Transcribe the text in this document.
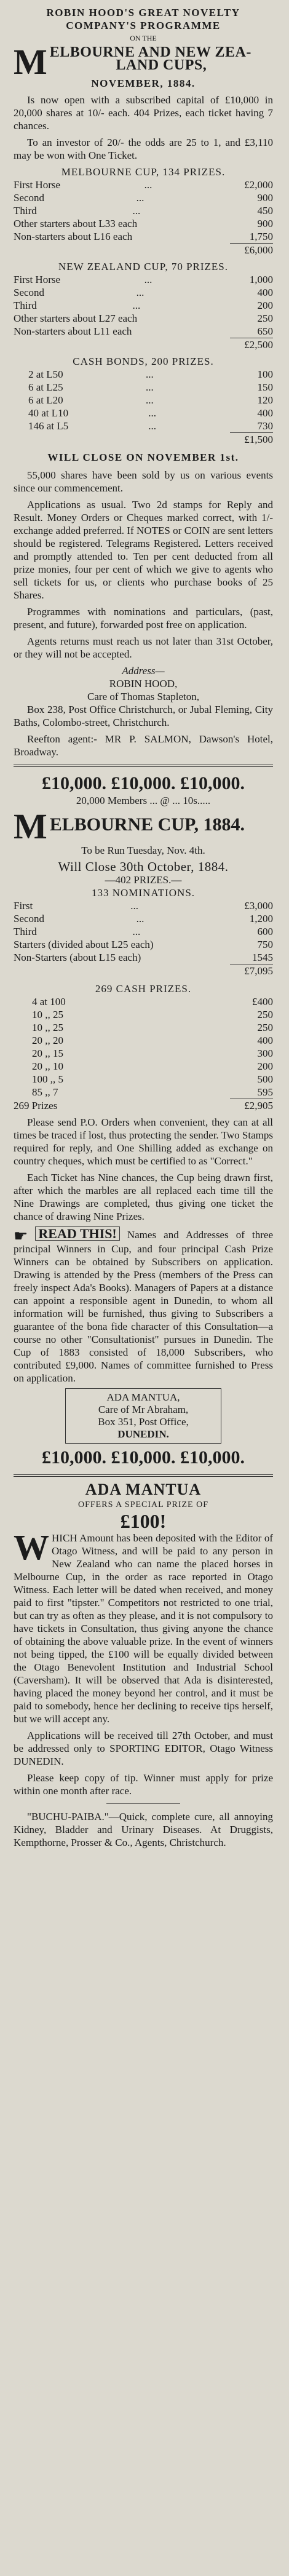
ROBIN HOOD'S GREAT NOVELTY
COMPANY'S PROGRAMME
ON THE
M ELBOURNE AND NEW ZEA-
LAND CUPS,
NOVEMBER, 1884.
Is now open with a subscribed capital of £10,000 in 20,000 shares at 10/- each. 404 Prizes, each ticket having 7 chances.
To an investor of 20/- the odds are 25 to 1, and £3,110 may be won with One Ticket.
MELBOURNE CUP, 134 PRIZES.
First Horse	...	£2,000
Second	...	900
Third	...	450
Other starters about L33 each	900
Non-starters about L16 each	1,750
£6,000
NEW ZEALAND CUP, 70 PRIZES.
First Horse	...	1,000
Second	...	400
Third	...	200
Other starters about L27 each	250
Non-starters about L11 each	650
£2,500
CASH BONDS, 200 PRIZES.
2 at L50	...	100
6 at L25	...	150
6 at L20	...	120
40 at L10	...	400
146 at L5	...	730
£1,500
WILL CLOSE ON NOVEMBER 1st.
55,000 shares have been sold by us on various events since our commencement.
Applications as usual. Two 2d stamps for Reply and Result. Money Orders or Cheques marked correct, with 1/- exchange added preferred. If NOTES or COIN are sent letters should be registered. Telegrams Registered. Letters received and promptly attended to. Ten per cent deducted from all prize monies, four per cent of which we give to agents who sell tickets for us, or clients who purchase books of 25 Shares.
Programmes with nominations and particulars, (past, present, and future), forwarded post free on application.
Agents returns must reach us not later than 31st October, or they will not be accepted.
Address—
ROBIN HOOD,
Care of Thomas Stapleton,
Box 238, Post Office Christchurch, or Jubal Fleming, City Baths, Colombo-street, Christchurch.
Reefton agent:- MR P. SALMON, Dawson's Hotel, Broadway.
£10,000. £10,000. £10,000.
20,000 Members ... @ ... 10s.....
M ELBOURNE CUP, 1884.
To be Run Tuesday, Nov. 4th.
Will Close 30th October, 1884.
—402 PRIZES.—
133 NOMINATIONS.
First	...	£3,000
Second	...	1,200
Third	...	600
Starters (divided about L25 each)	750
Non-Starters (about L15 each)	1545
£7,095
269 CASH PRIZES.
4 at 100	£400
10 ,, 25	250
10 ,, 25	250
20 ,, 20	400
20 ,, 15	300
20 ,, 10	200
100 ,, 5	500
85 ,, 7	595
269 Prizes	£2,905
Please send P.O. Orders when convenient, they can at all times be traced if lost, thus protecting the sender. Two Stamps required for reply, and One Shilling added as exchange on country cheques, which must be certified to as "Correct."
Each Ticket has Nine chances, the Cup being drawn first, after which the marbles are all replaced each time till the Nine Drawings are completed, thus giving one ticket the chance of drawing Nine Prizes.
☛ READ THIS! Names and Addresses of three principal Winners in Cup, and four principal Cash Prize Winners can be obtained by Subscribers on application. Drawing is attended by the Press (members of the Press can freely inspect Ada's Books). Managers of Papers at a distance can appoint a responsible agent in Dunedin, to whom all information will be furnished, thus giving to Subscribers a guarantee of the bona fide character of this Consultation—a course no other "Consultationist" pursues in Dunedin. The Cup of 1883 consisted of 18,000 Subscribers, who contributed £9,000. Names of committee furnished to Press on application.
ADA MANTUA,
Care of Mr Abraham,
Box 351, Post Office,
DUNEDIN.
£10,000. £10,000. £10,000.
ADA MANTUA
OFFERS A SPECIAL PRIZE OF
£100!
W HICH Amount has been deposited with the Editor of Otago Witness, and will be paid to any person in New Zealand who can name the placed horses in Melbourne Cup, in the order as race reported in Otago Witness. Each letter will be dated when received, and money paid to first "tipster." Competitors not restricted to one trial, but can try as often as they please, and it is not compulsory to have tickets in Consultation, thus giving anyone the chance of obtaining the above valuable prize. In the event of winners not being tipped, the £100 will be equally divided between the Otago Benevolent Institution and Industrial School (Caversham). It will be observed that Ada is disinterested, having placed the money beyond her control, and it must be paid to somebody, hence her declining to receive tips herself, but we will accept any.
Applications will be received till 27th October, and must be addressed only to SPORTING EDITOR, Otago Witness DUNEDIN.
Please keep copy of tip. Winner must apply for prize within one month after race.
"BUCHU-PAIBA."—Quick, complete cure, all annoying Kidney, Bladder and Urinary Diseases. At Druggists, Kempthorne, Prosser & Co., Agents, Christchurch.
